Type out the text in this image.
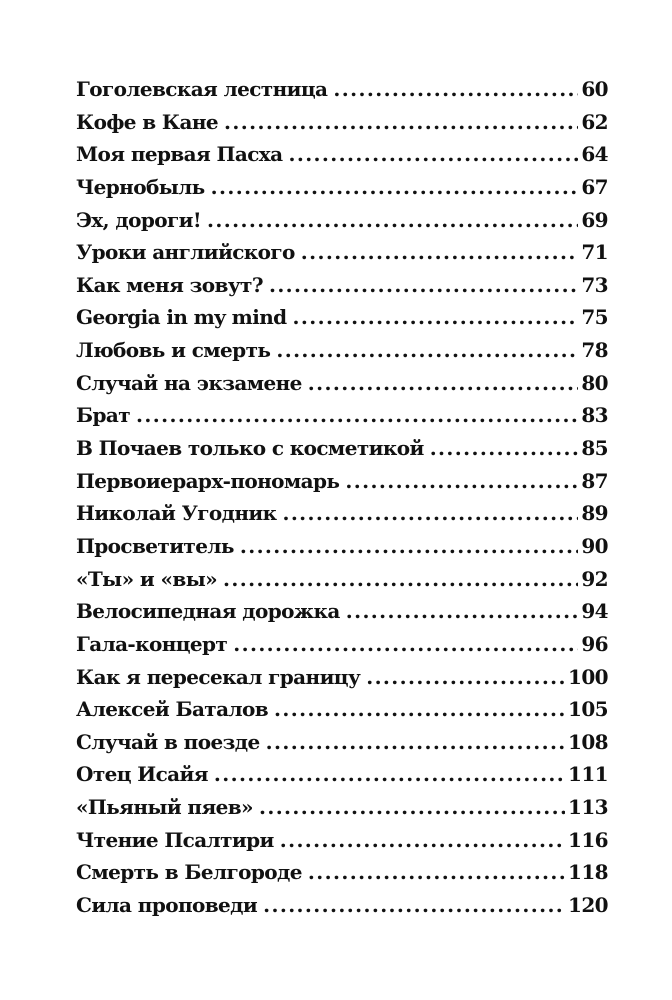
Гоголевская лестница .....	60
Кофе в Кане .....	62
Моя первая Пасха .....	64
Чернобыль .....	67
Эх, дороги! .....	69
Уроки английского .....	71
Как меня зовут? .....	73
Georgia in my mind .....	75
Любовь и смерть .....	78
Случай на экзамене .....	80
Брат .....	83
В Почаев только с косметикой .....	85
Первоиерарх-пономарь .....	87
Николай Угодник .....	89
Просветитель .....	90
«Ты» и «вы» .....	92
Велосипедная дорожка .....	94
Гала-концерт .....	96
Как я пересекал границу .....	100
Алексей Баталов .....	105
Случай в поезде .....	108
Отец Исайя .....	111
«Пьяный пяев» .....	113
Чтение Псалтири .....	116
Смерть в Белгороде .....	118
Сила проповеди .....	120
